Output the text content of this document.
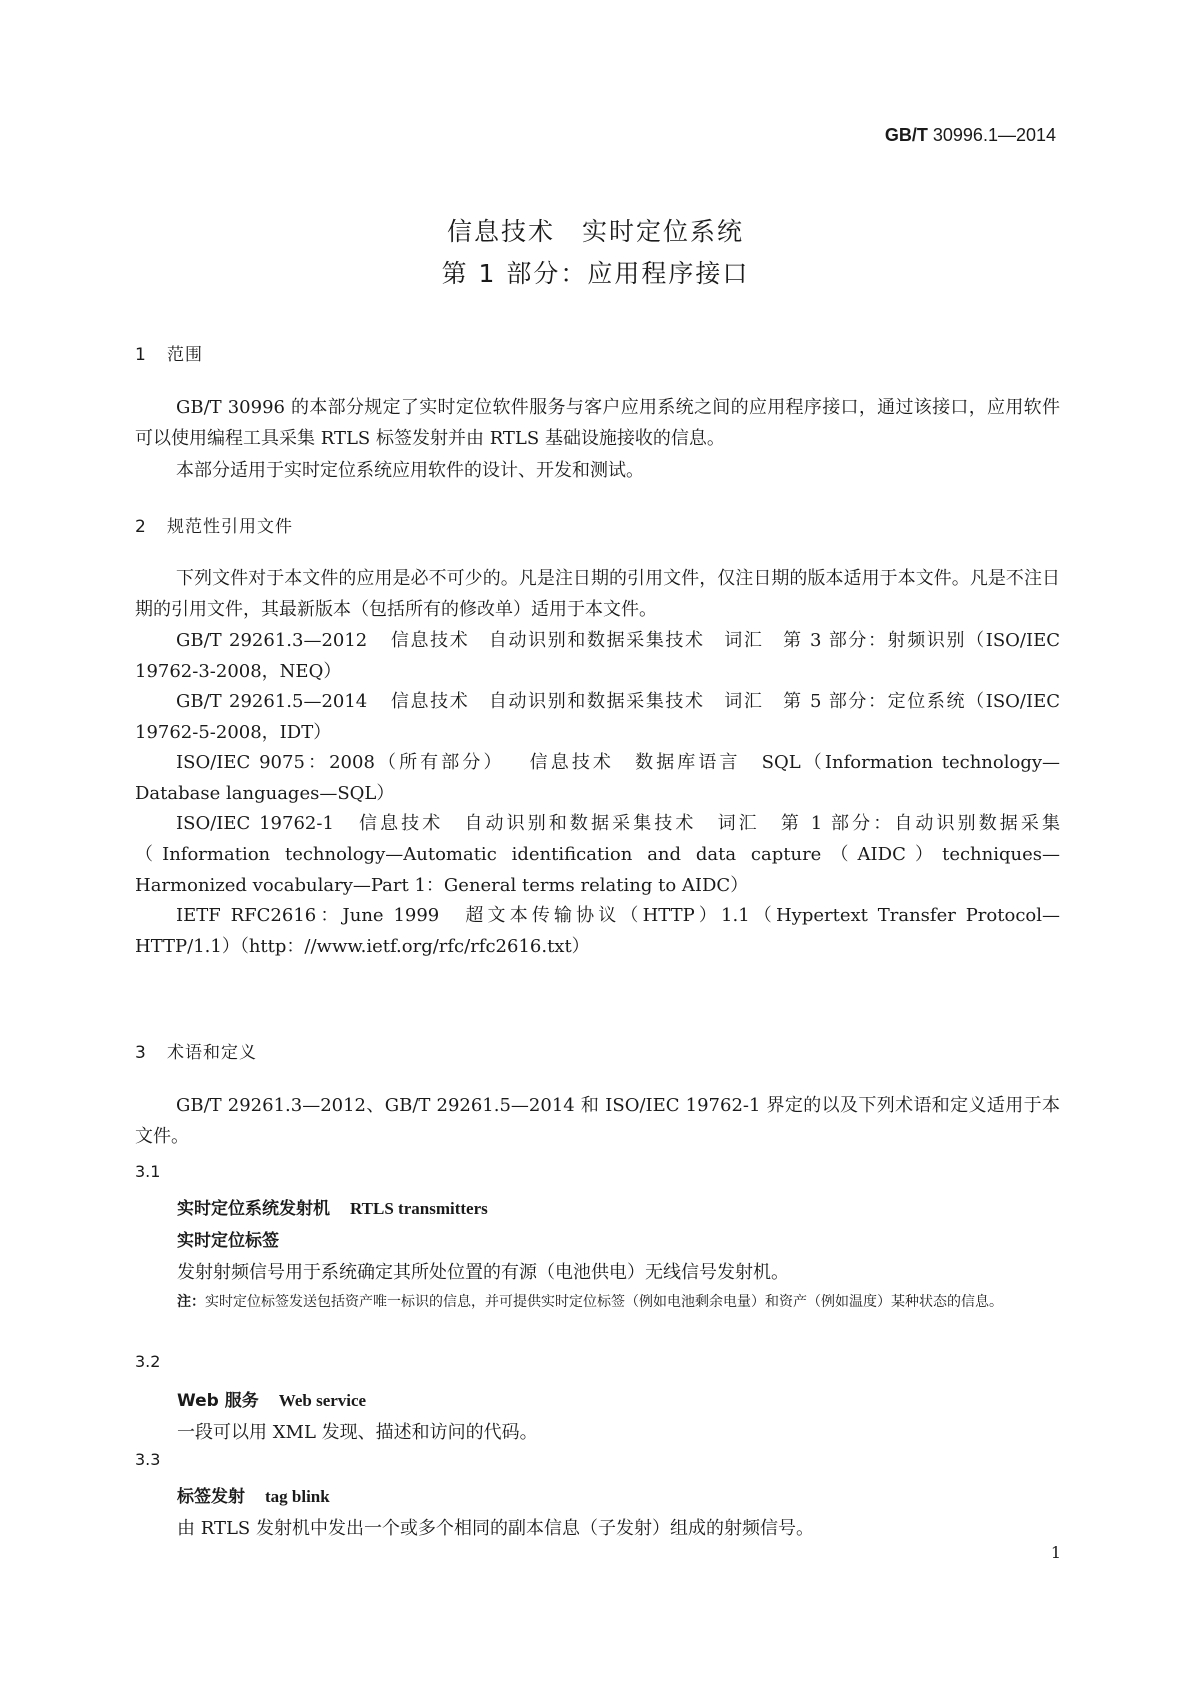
GB/T 30996.1—2014
信息技术　实时定位系统
第 1 部分：应用程序接口
1 范围

GB/T 30996 的本部分规定了实时定位软件服务与客户应用系统之间的应用程序接口，通过该接口，应用软件可以使用编程工具采集 RTLS 标签发射并由 RTLS 基础设施接收的信息。

本部分适用于实时定位系统应用软件的设计、开发和测试。

2 规范性引用文件

下列文件对于本文件的应用是必不可少的。凡是注日期的引用文件，仅注日期的版本适用于本文件。凡是不注日期的引用文件，其最新版本（包括所有的修改单）适用于本文件。

GB/T 29261.3—2012 信息技术　自动识别和数据采集技术　词汇　第 3 部分：射频识别（ISO/IEC 19762-3-2008，NEQ）

GB/T 29261.5—2014 信息技术　自动识别和数据采集技术　词汇　第 5 部分：定位系统（ISO/IEC 19762-5-2008，IDT）

ISO/IEC 9075：2008（所有部分） 信息技术　数据库语言　SQL（Information technology—Database languages—SQL）

ISO/IEC 19762-1 信息技术　自动识别和数据采集技术　词汇　第 1 部分：自动识别数据采集（Information technology—Automatic identification and data capture（AIDC）techniques—Harmonized vocabulary—Part 1：General terms relating to AIDC）

IETF RFC2616：June 1999 超文本传输协议（HTTP）1.1（Hypertext Transfer Protocol—HTTP/1.1）（http：//www.ietf.org/rfc/rfc2616.txt）

3 术语和定义

GB/T 29261.3—2012、GB/T 29261.5—2014 和 ISO/IEC 19762-1 界定的以及下列术语和定义适用于本文件。

3.1
实时定位系统发射机 RTLS transmitters
实时定位标签
发射射频信号用于系统确定其所处位置的有源（电池供电）无线信号发射机。
注：实时定位标签发送包括资产唯一标识的信息，并可提供实时定位标签（例如电池剩余电量）和资产（例如温度）某种状态的信息。
3.2
Web 服务 Web service
一段可以用 XML 发现、描述和访问的代码。
3.3
标签发射 tag blink
由 RTLS 发射机中发出一个或多个相同的副本信息（子发射）组成的射频信号。
1
